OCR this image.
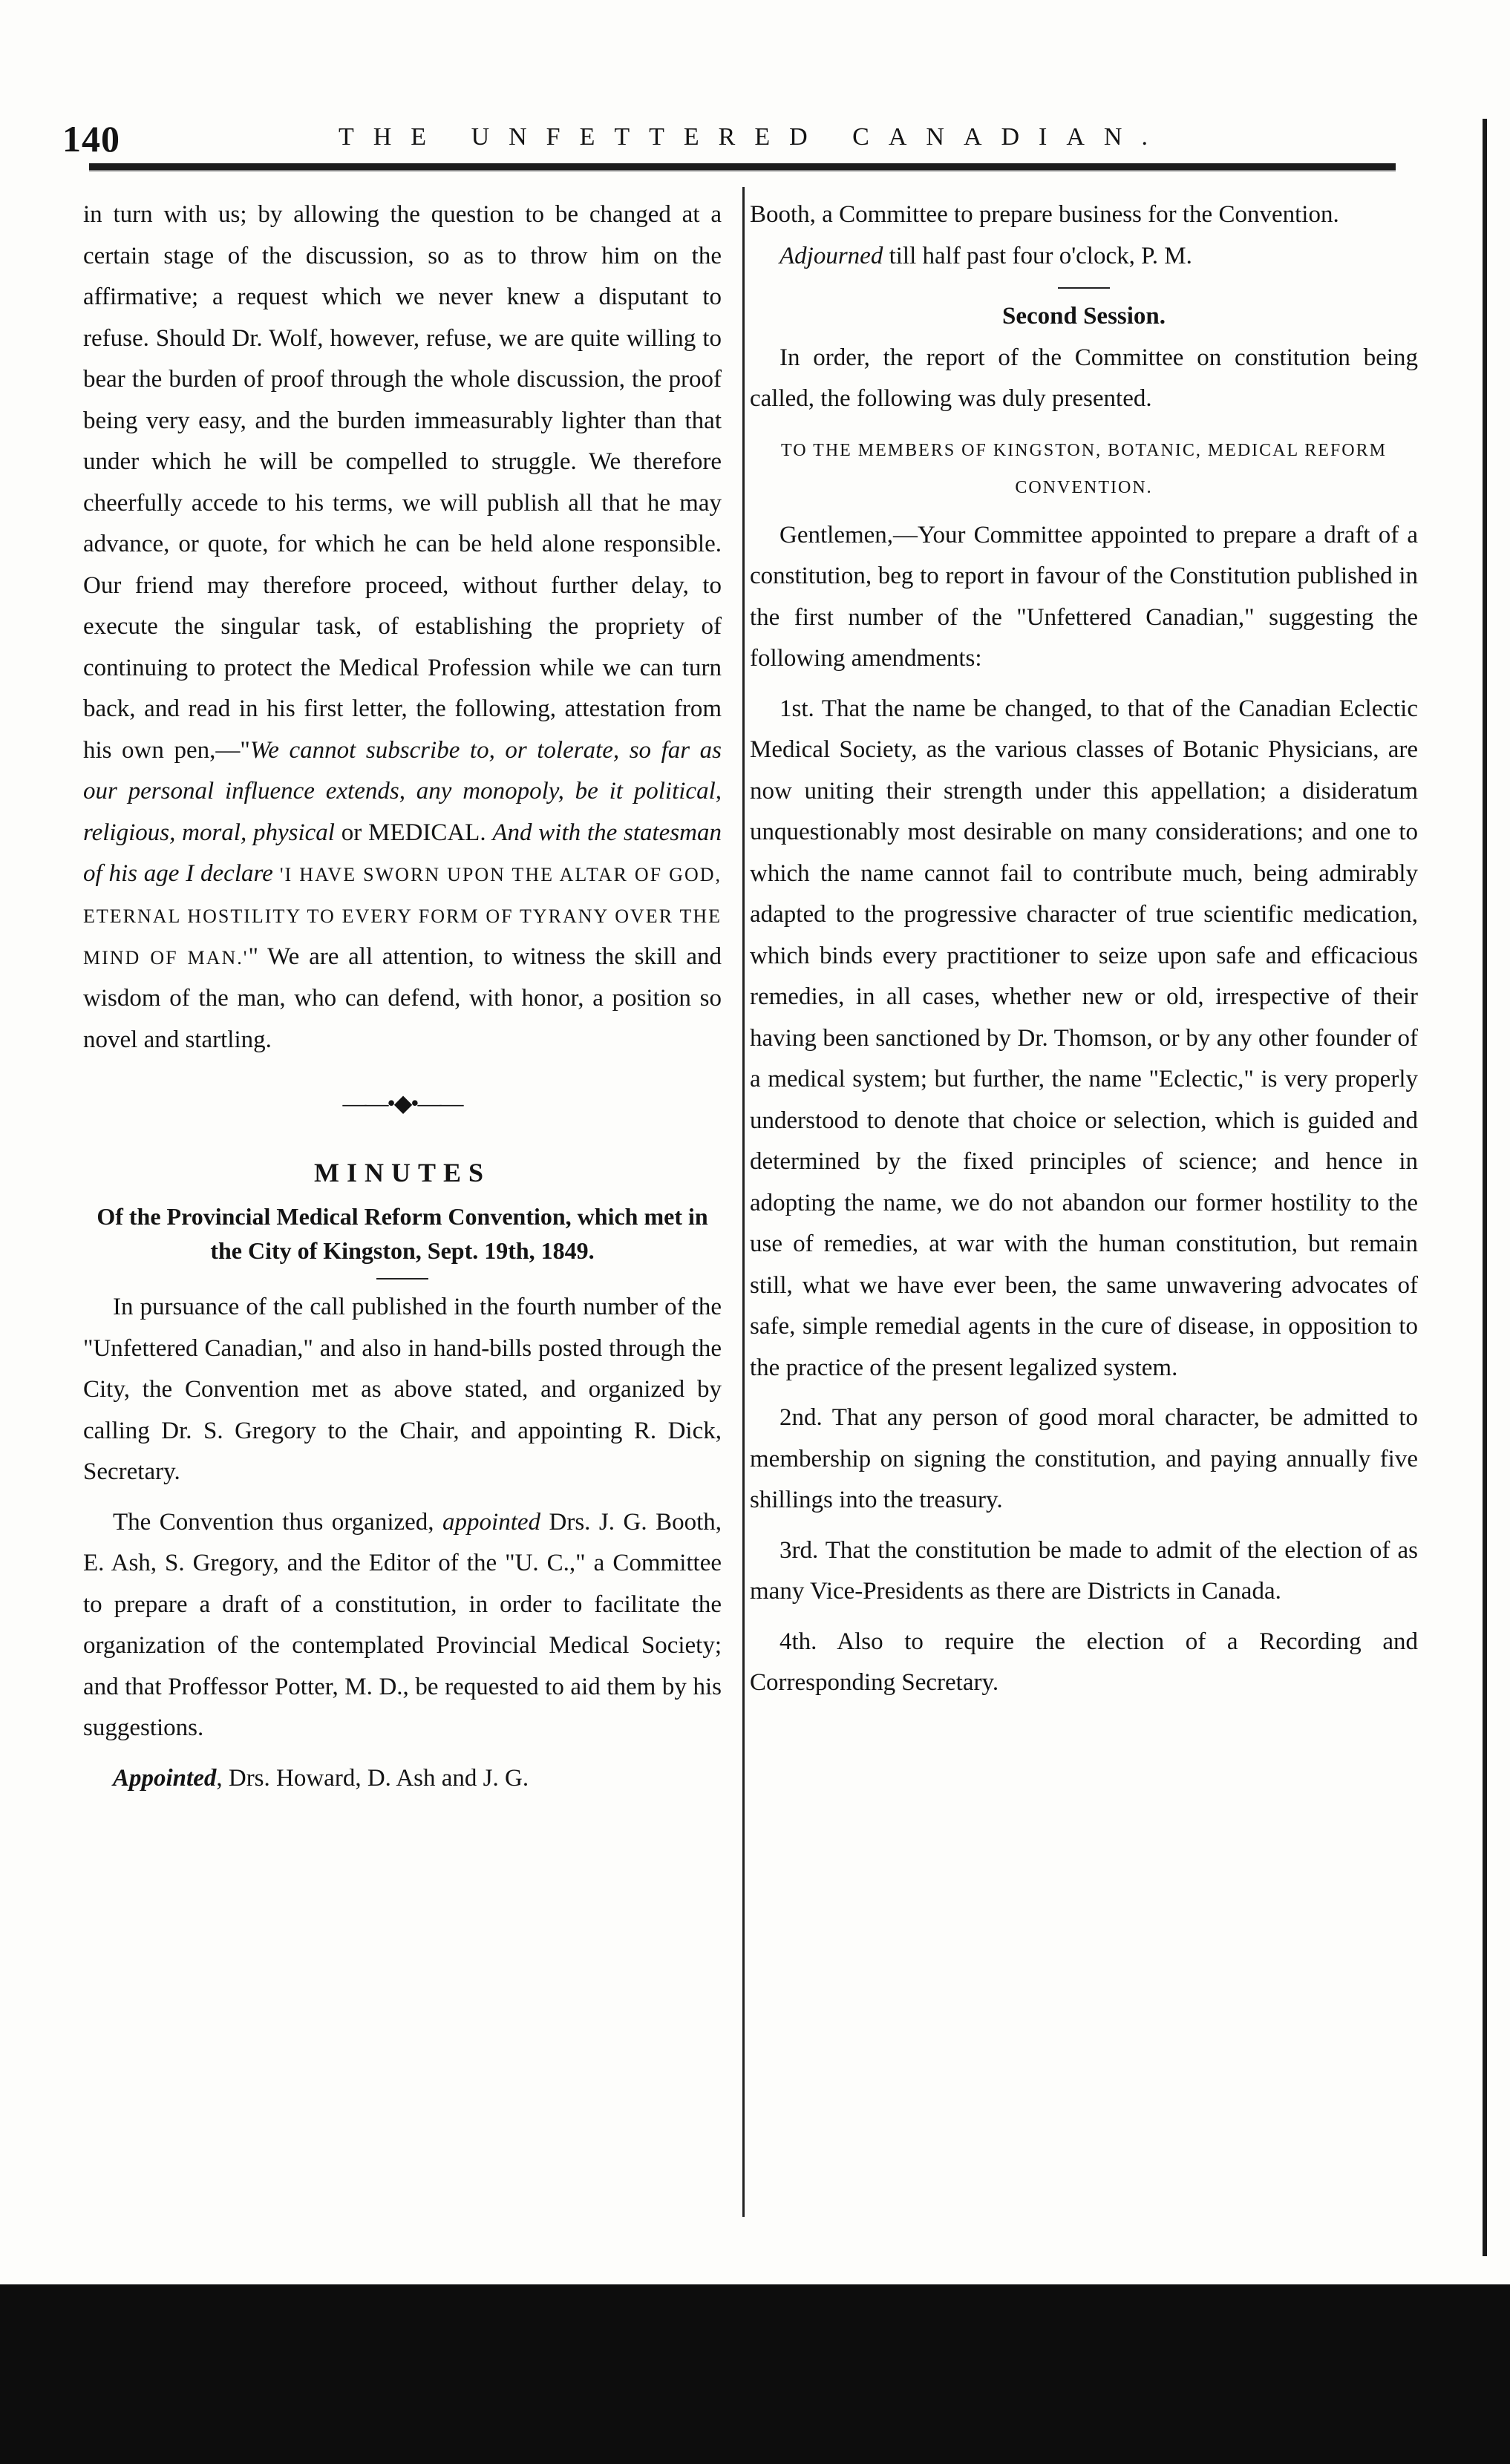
140	THE UNFETTERED CANADIAN.

in turn with us; by allowing the question to be changed at a certain stage of the discussion, so as to throw him on the affirmative; a request which we never knew a disputant to refuse. Should Dr. Wolf, however, refuse, we are quite willing to bear the burden of proof through the whole discussion, the proof being very easy, and the burden immeasurably lighter than that under which he will be compelled to struggle. We therefore cheerfully accede to his terms, we will publish all that he may advance, or quote, for which he can be held alone responsible. Our friend may therefore proceed, without further delay, to execute the singular task, of establishing the propriety of continuing to protect the Medical Profession while we can turn back, and read in his first letter, the following, attestation from his own pen,—"We cannot subscribe to, or tolerate, so far as our personal influence extends, any monopoly, be it political, religious, moral, physical or MEDICAL. And with the statesman of his age I declare 'I HAVE SWORN UPON THE ALTAR OF GOD, ETERNAL HOSTILITY TO EVERY FORM OF TYRANY OVER THE MIND OF MAN.'" We are all attention, to witness the skill and wisdom of the man, who can defend, with honor, a position so novel and startling.

——•◆•——

MINUTES

Of the Provincial Medical Reform Convention, which met in the City of Kingston, Sept. 19th, 1849.

In pursuance of the call published in the fourth number of the "Unfettered Canadian," and also in hand-bills posted through the City, the Convention met as above stated, and organized by calling Dr. S. Gregory to the Chair, and appointing R. Dick, Secretary.

The Convention thus organized, appointed Drs. J. G. Booth, E. Ash, S. Gregory, and the Editor of the "U. C.," a Committee to prepare a draft of a constitution, in order to facilitate the organization of the contemplated Provincial Medical Society; and that Proffessor Potter, M. D., be requested to aid them by his suggestions.

Appointed, Drs. Howard, D. Ash and J. G.

Booth, a Committee to prepare business for the Convention.

Adjourned till half past four o'clock, P. M.

Second Session.

In order, the report of the Committee on constitution being called, the following was duly presented.

TO THE MEMBERS OF KINGSTON, BOTANIC, MEDICAL REFORM CONVENTION.

Gentlemen,—Your Committee appointed to prepare a draft of a constitution, beg to report in favour of the Constitution published in the first number of the "Unfettered Canadian," suggesting the following amendments:

1st. That the name be changed, to that of the Canadian Eclectic Medical Society, as the various classes of Botanic Physicians, are now uniting their strength under this appellation; a disideratum unquestionably most desirable on many considerations; and one to which the name cannot fail to contribute much, being admirably adapted to the progressive character of true scientific medication, which binds every practitioner to seize upon safe and efficacious remedies, in all cases, whether new or old, irrespective of their having been sanctioned by Dr. Thomson, or by any other founder of a medical system; but further, the name "Eclectic," is very properly understood to denote that choice or selection, which is guided and determined by the fixed principles of science; and hence in adopting the name, we do not abandon our former hostility to the use of remedies, at war with the human constitution, but remain still, what we have ever been, the same unwavering advocates of safe, simple remedial agents in the cure of disease, in opposition to the practice of the present legalized system.

2nd. That any person of good moral character, be admitted to membership on signing the constitution, and paying annually five shillings into the treasury.

3rd. That the constitution be made to admit of the election of as many Vice-Presidents as there are Districts in Canada.

4th. Also to require the election of a Recording and Corresponding Secretary.
